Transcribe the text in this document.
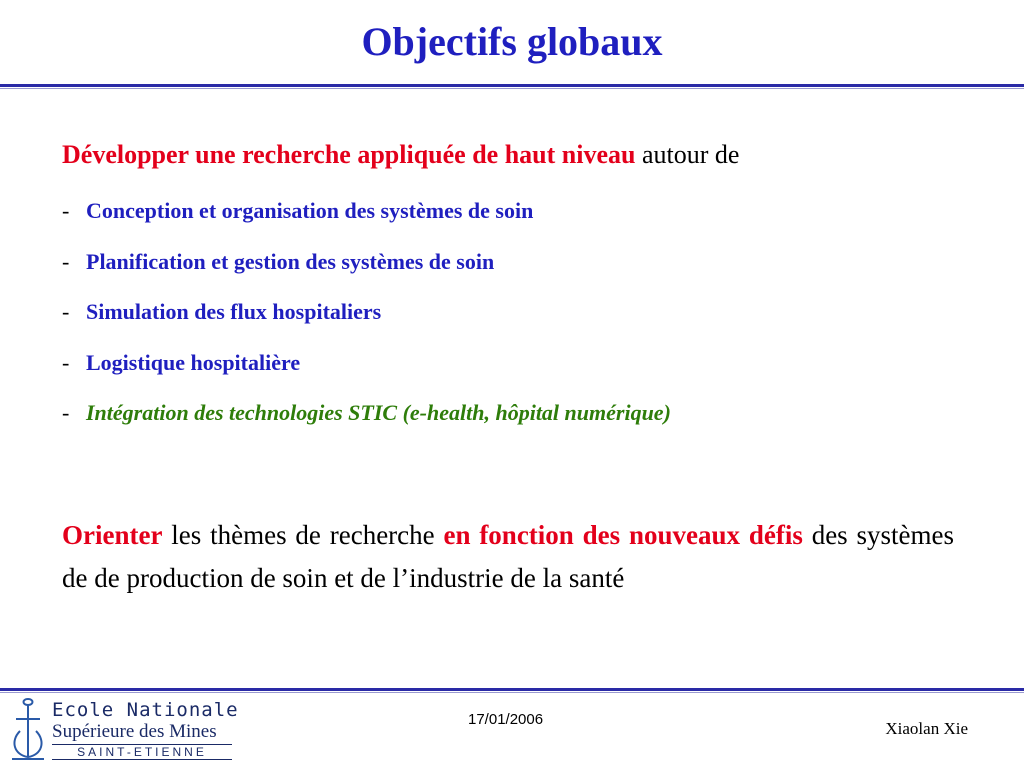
Objectifs globaux
Développer une recherche appliquée de haut niveau autour de
- Conception et organisation des systèmes de soin
- Planification et gestion des systèmes de soin
- Simulation des flux hospitaliers
- Logistique hospitalière
- Intégration des technologies STIC (e-health, hôpital numérique)

Orienter les thèmes de recherche en fonction des nouveaux défis des systèmes de de production de soin et de l’industrie de la santé

Ecole Nationale
Supérieure des Mines
SAINT-ETIENNE
17/01/2006	Xiaolan Xie
